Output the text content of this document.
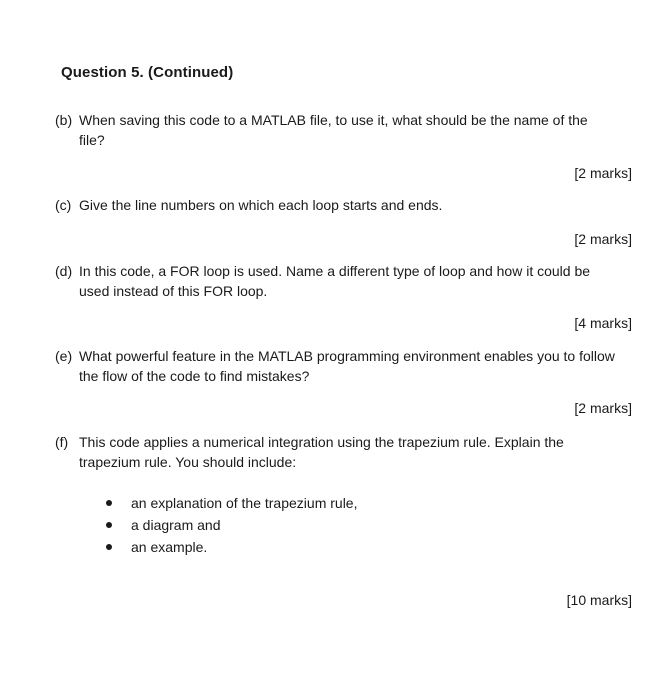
Question 5. (Continued)
(b) When saving this code to a MATLAB file, to use it, what should be the name of the file?
[2 marks]
(c) Give the line numbers on which each loop starts and ends.
[2 marks]
(d) In this code, a FOR loop is used. Name a different type of loop and how it could be used instead of this FOR loop.
[4 marks]
(e) What powerful feature in the MATLAB programming environment enables you to follow the flow of the code to find mistakes?
[2 marks]
(f) This code applies a numerical integration using the trapezium rule. Explain the trapezium rule. You should include:
an explanation of the trapezium rule,
a diagram and
an example.
[10 marks]
